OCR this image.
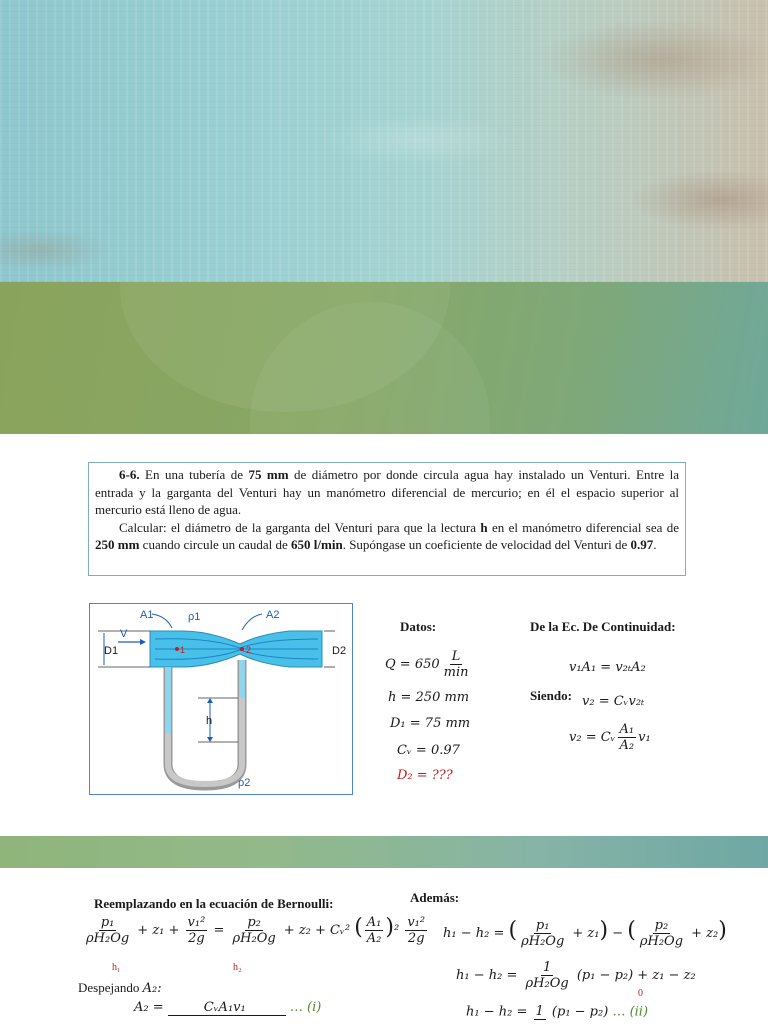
6-6. En una tubería de 75 mm de diámetro por donde circula agua hay instalado un Venturi. Entre la entrada y la garganta del Venturi hay un manómetro diferencial de mercurio; en él el espacio superior al mercurio está lleno de agua.

Calcular: el diámetro de la garganta del Venturi para que la lectura h en el manómetro diferencial sea de 250 mm cuando circule un caudal de 650 l/min. Supóngase un coeficiente de velocidad del Venturi de 0.97.

A1	ρ1	A2
V
D1	D2
h
ρ2
1	2
Datos:
$Q = 650 \frac{L}{\min}$
h = 250 mm
D₁ = 75 mm
Cᵥ = 0.97
D₂ = ???
De la Ec. De Continuidad:
v₁A₁ = v₂ₜA₂
Siendo: v₂ = Cᵥv₂ₜ
v₂ = Cᵥ $\frac{\text{A₁}}{\text{A₂}} v_1$
Reemplazando en la ecuación de Bernoulli:
$\frac{\text{p₁}}{\text{ρH₂Og}} + z_1 + \frac{\text{v₁²}}{2g} = \frac{\text{p₂}}{\text{ρH₂Og}} + z_2$ + Cᵥ² ( $\frac{\text{A₁}}{\text{A₂}} )^2 \frac{\text{v₁²}}{2g}$
h₁	h₂
Despejando A₂:
A₂ =	CᵥA₁v₁	… (i)
Además:
h₁ − h₂ = ( $\frac{\text{p₁}}{\text{ρH₂Og}} + z_1$) − ( $\frac{\text{p₂}}{\text{ρH₂Og}} + z_2$)
$h_1 - h_2 = \frac{1}{\text{ρH₂Og}} (p_1 - p_2) + z_1 - z_2$
0
h₁ − h₂ = 1 (p₁ − p₂) … (ii)
